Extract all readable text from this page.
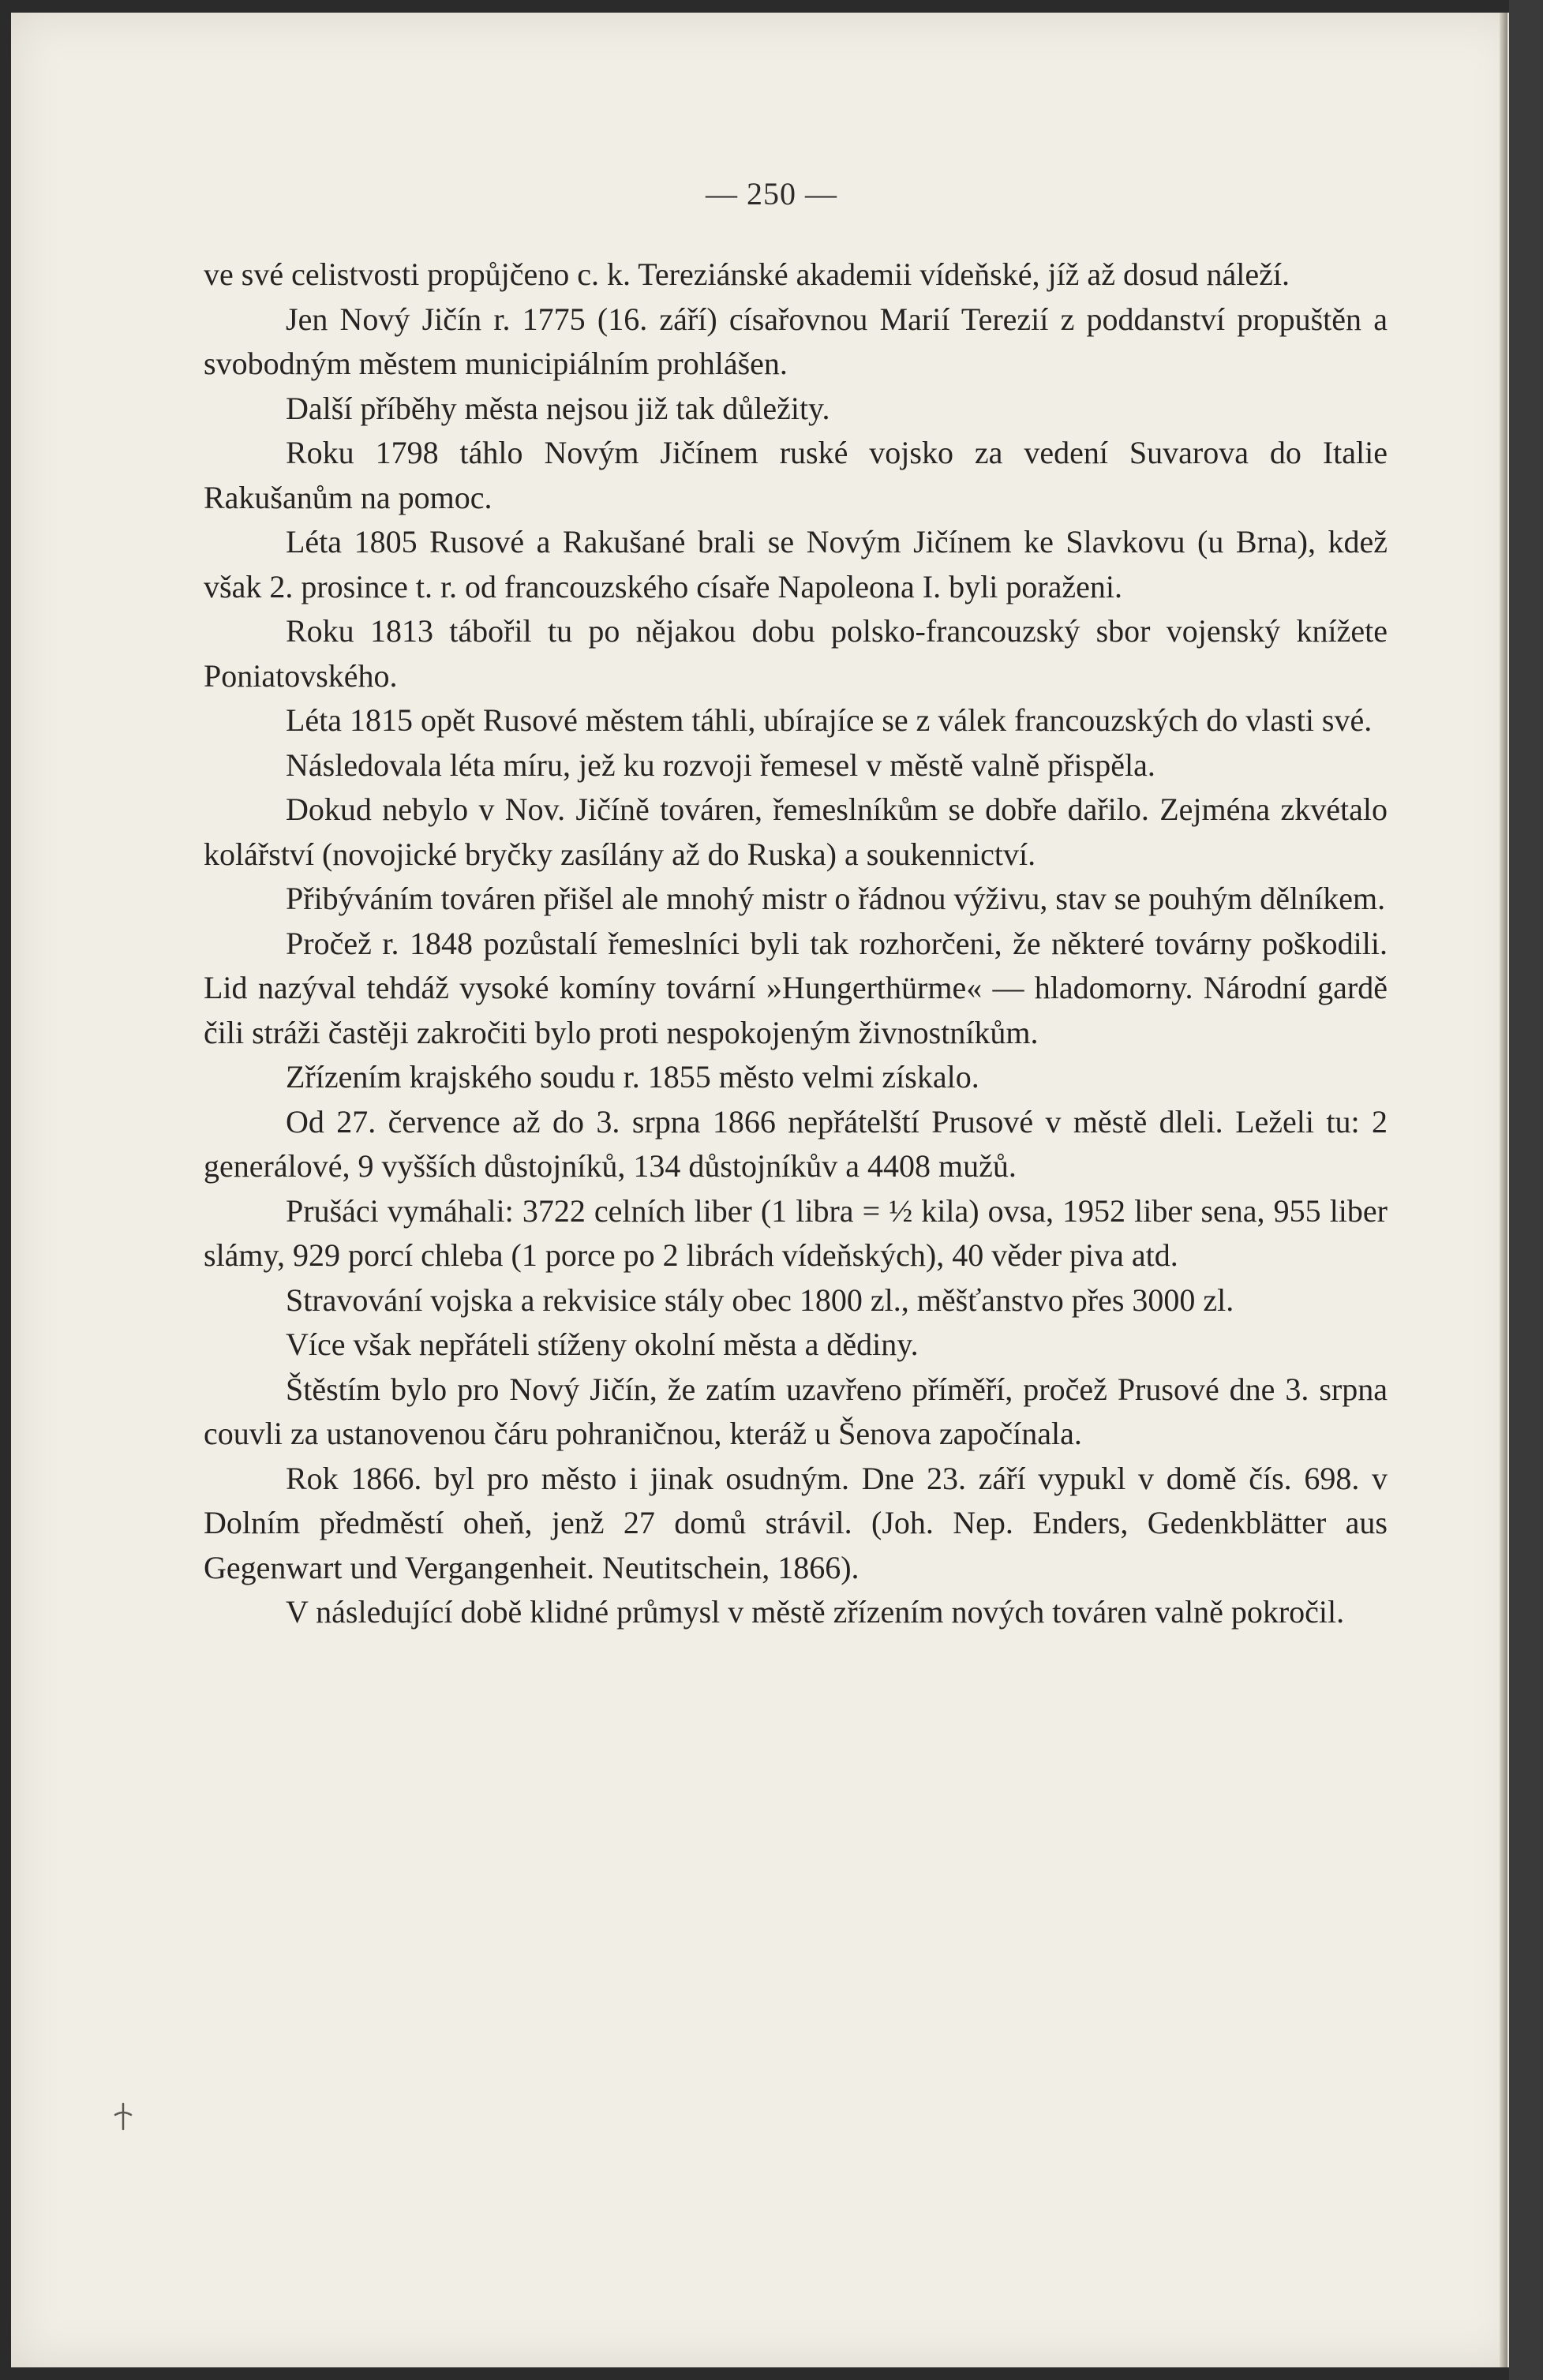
— 250 —

ve své celistvosti propůjčeno c. k. Tereziánské akademii vídeňské, jíž až dosud náleží.

Jen Nový Jičín r. 1775 (16. září) císařovnou Marií Terezií z poddanství propuštěn a svobodným městem municipiálním prohlášen.

Další příběhy města nejsou již tak důležity.

Roku 1798 táhlo Novým Jičínem ruské vojsko za vedení Suvarova do Italie Rakušanům na pomoc.

Léta 1805 Rusové a Rakušané brali se Novým Jičínem ke Slavkovu (u Brna), kdež však 2. prosince t. r. od francouzského císaře Napoleona I. byli poraženi.

Roku 1813 tábořil tu po nějakou dobu polsko-francouzský sbor vojenský knížete Poniatovského.

Léta 1815 opět Rusové městem táhli, ubírajíce se z válek francouzských do vlasti své.

Následovala léta míru, jež ku rozvoji řemesel v městě valně přispěla.

Dokud nebylo v Nov. Jičíně továren, řemeslníkům se dobře dařilo. Zejména zkvétalo kolářství (novojické bryčky zasílány až do Ruska) a soukennictví.

Přibýváním továren přišel ale mnohý mistr o řádnou výživu, stav se pouhým dělníkem.

Pročež r. 1848 pozůstalí řemeslníci byli tak rozhorčeni, že některé továrny poškodili. Lid nazýval tehdáž vysoké komíny tovární »Hungerthürme« — hladomorny. Národní gardě čili stráži častěji zakročiti bylo proti nespokojeným živnostníkům.

Zřízením krajského soudu r. 1855 město velmi získalo.

Od 27. července až do 3. srpna 1866 nepřátelští Prusové v městě dleli. Leželi tu: 2 generálové, 9 vyšších důstojníků, 134 důstojníkův a 4408 mužů.

Prušáci vymáhali: 3722 celních liber (1 libra = ½ kila) ovsa, 1952 liber sena, 955 liber slámy, 929 porcí chleba (1 porce po 2 librách vídeňských), 40 věder piva atd.

Stravování vojska a rekvisice stály obec 1800 zl., měšťanstvo přes 3000 zl.

Více však nepřáteli stíženy okolní města a dědiny.

Štěstím bylo pro Nový Jičín, že zatím uzavřeno příměří, pročež Prusové dne 3. srpna couvli za ustanovenou čáru pohraničnou, kteráž u Šenova započínala.

Rok 1866. byl pro město i jinak osudným. Dne 23. září vypukl v domě čís. 698. v Dolním předměstí oheň, jenž 27 domů strávil. (Joh. Nep. Enders, Gedenkblätter aus Gegenwart und Vergangenheit. Neutitschein, 1866).

V následující době klidné průmysl v městě zřízením nových továren valně pokročil.
